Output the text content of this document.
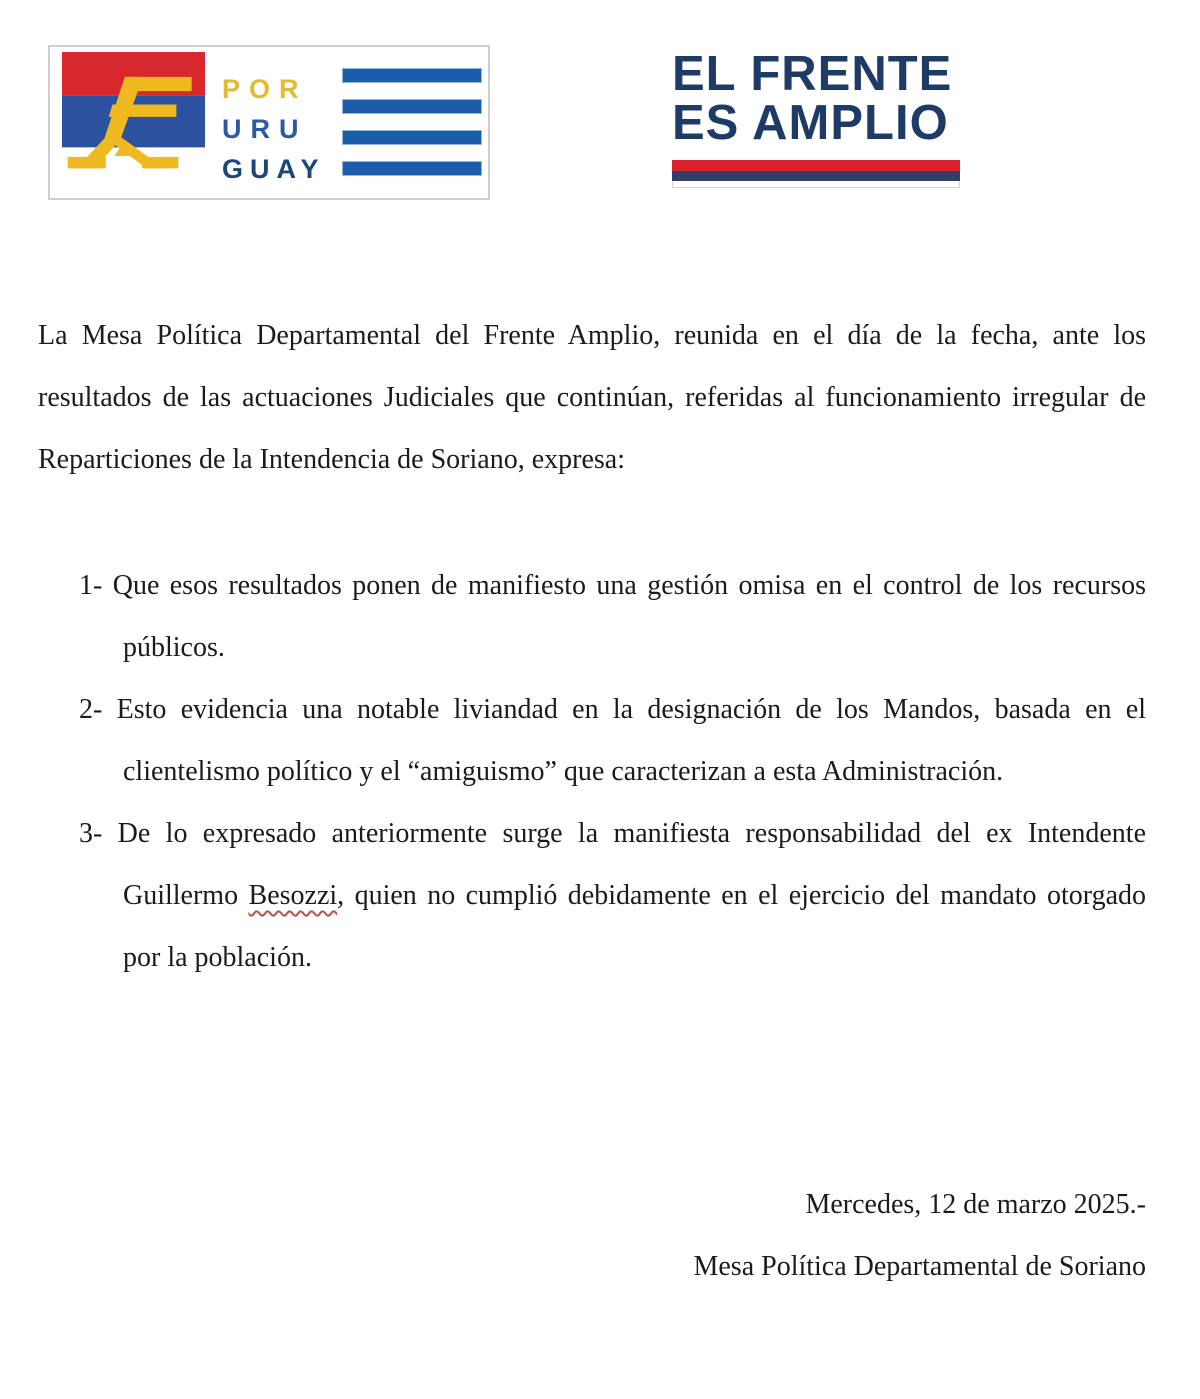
POR
URU
GUAY
EL FRENTE
ES AMPLIO

La Mesa Política Departamental del Frente Amplio, reunida en el día de la fecha, ante los resultados de las actuaciones Judiciales que continúan, referidas al funcionamiento irregular de Reparticiones de la Intendencia de Soriano, expresa:

1- Que esos resultados ponen de manifiesto una gestión omisa en el control de los recursos públicos.
2- Esto evidencia una notable liviandad en la designación de los Mandos, basada en el clientelismo político y el “amiguismo” que caracterizan a esta Administración.
3- De lo expresado anteriormente surge la manifiesta responsabilidad del ex Intendente Guillermo Besozzi, quien no cumplió debidamente en el ejercicio del mandato otorgado por la población.

Mercedes, 12 de marzo 2025.-

Mesa Política Departamental de Soriano
